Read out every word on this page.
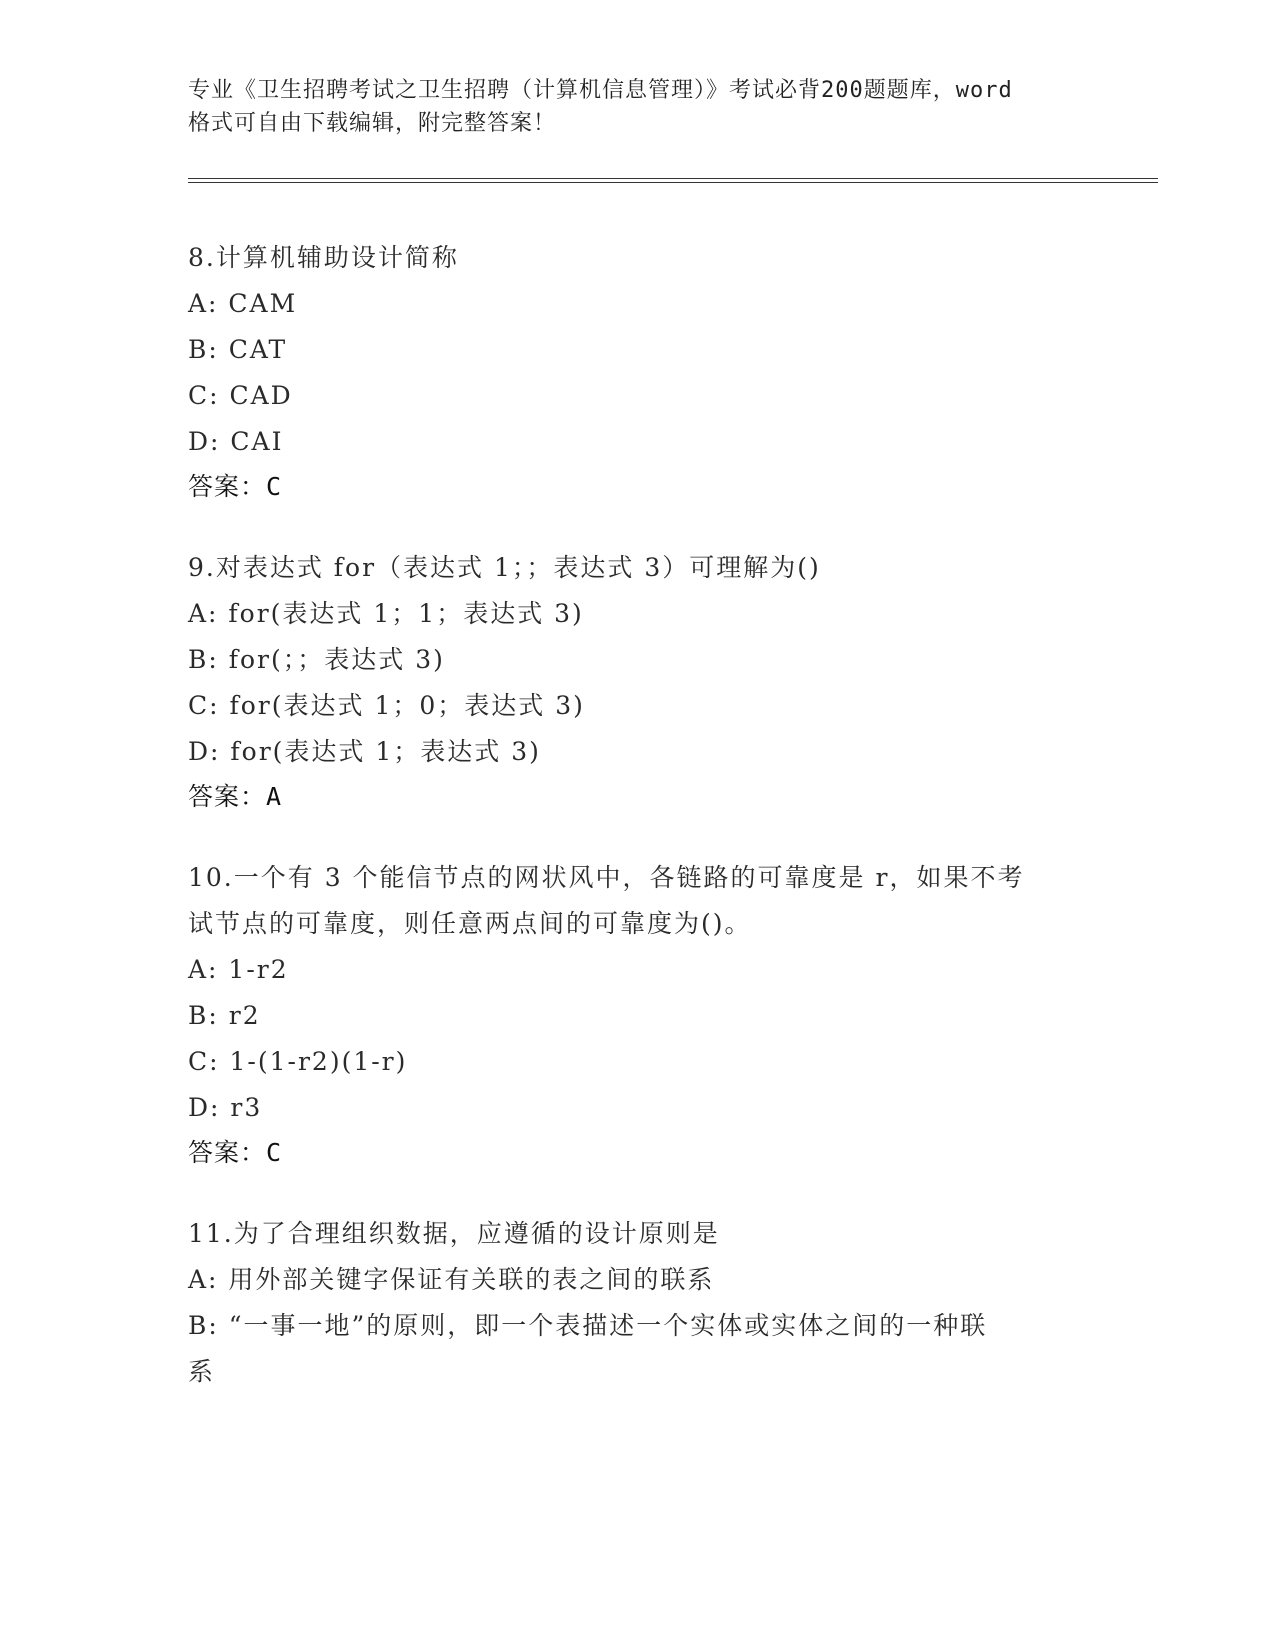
专业《卫生招聘考试之卫生招聘（计算机信息管理）》考试必背200题题库，word
格式可自由下载编辑，附完整答案！
8.计算机辅助设计简称
A: CAM
B: CAT
C: CAD
D: CAI
答案：C
9.对表达式 for（表达式 1；；表达式 3）可理解为()
A: for(表达式 1；1；表达式 3)
B: for(；；表达式 3)
C: for(表达式 1；0；表达式 3)
D: for(表达式 1；表达式 3)
答案：A
10.一个有 3 个能信节点的网状风中，各链路的可靠度是 r，如果不考
试节点的可靠度，则任意两点间的可靠度为()。
A: 1-r2
B: r2
C: 1-(1-r2)(1-r)
D: r3
答案：C
11.为了合理组织数据，应遵循的设计原则是
A: 用外部关键字保证有关联的表之间的联系
B: “一事一地”的原则，即一个表描述一个实体或实体之间的一种联
系
